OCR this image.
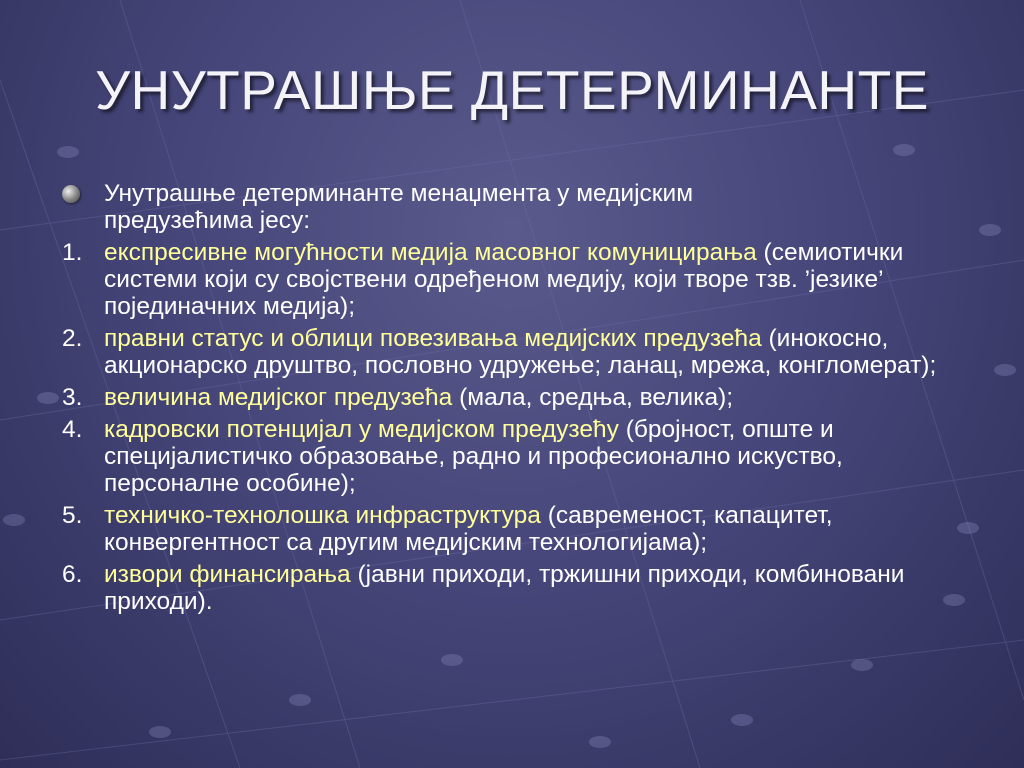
УНУТРАШЊЕ ДЕТЕРМИНАНТЕ
Унутрашње детерминанте менаџмента у медијским предузећима јесу:
1. експресивне могућности медија масовног комуницирања (семиотички системи који су својствени одређеном медију, који творе тзв. ’језике’ појединачних медија);
2. правни статус и облици повезивања медијских предузећа (инокосно, акционарско друштво, пословно удружење; ланац, мрежа, конгломерат);
3. величина медијског предузећа (мала, средња, велика);
4. кадровски потенцијал у медијском предузећу (бројност, опште и специјалистичко образовање, радно и професионално искуство, персоналне особине);
5. техничко-технолошка инфраструктура (савременост, капацитет, конвергентност са другим медијским технологијама);
6. извори финансирања (јавни приходи, тржишни приходи, комбиновани приходи).
